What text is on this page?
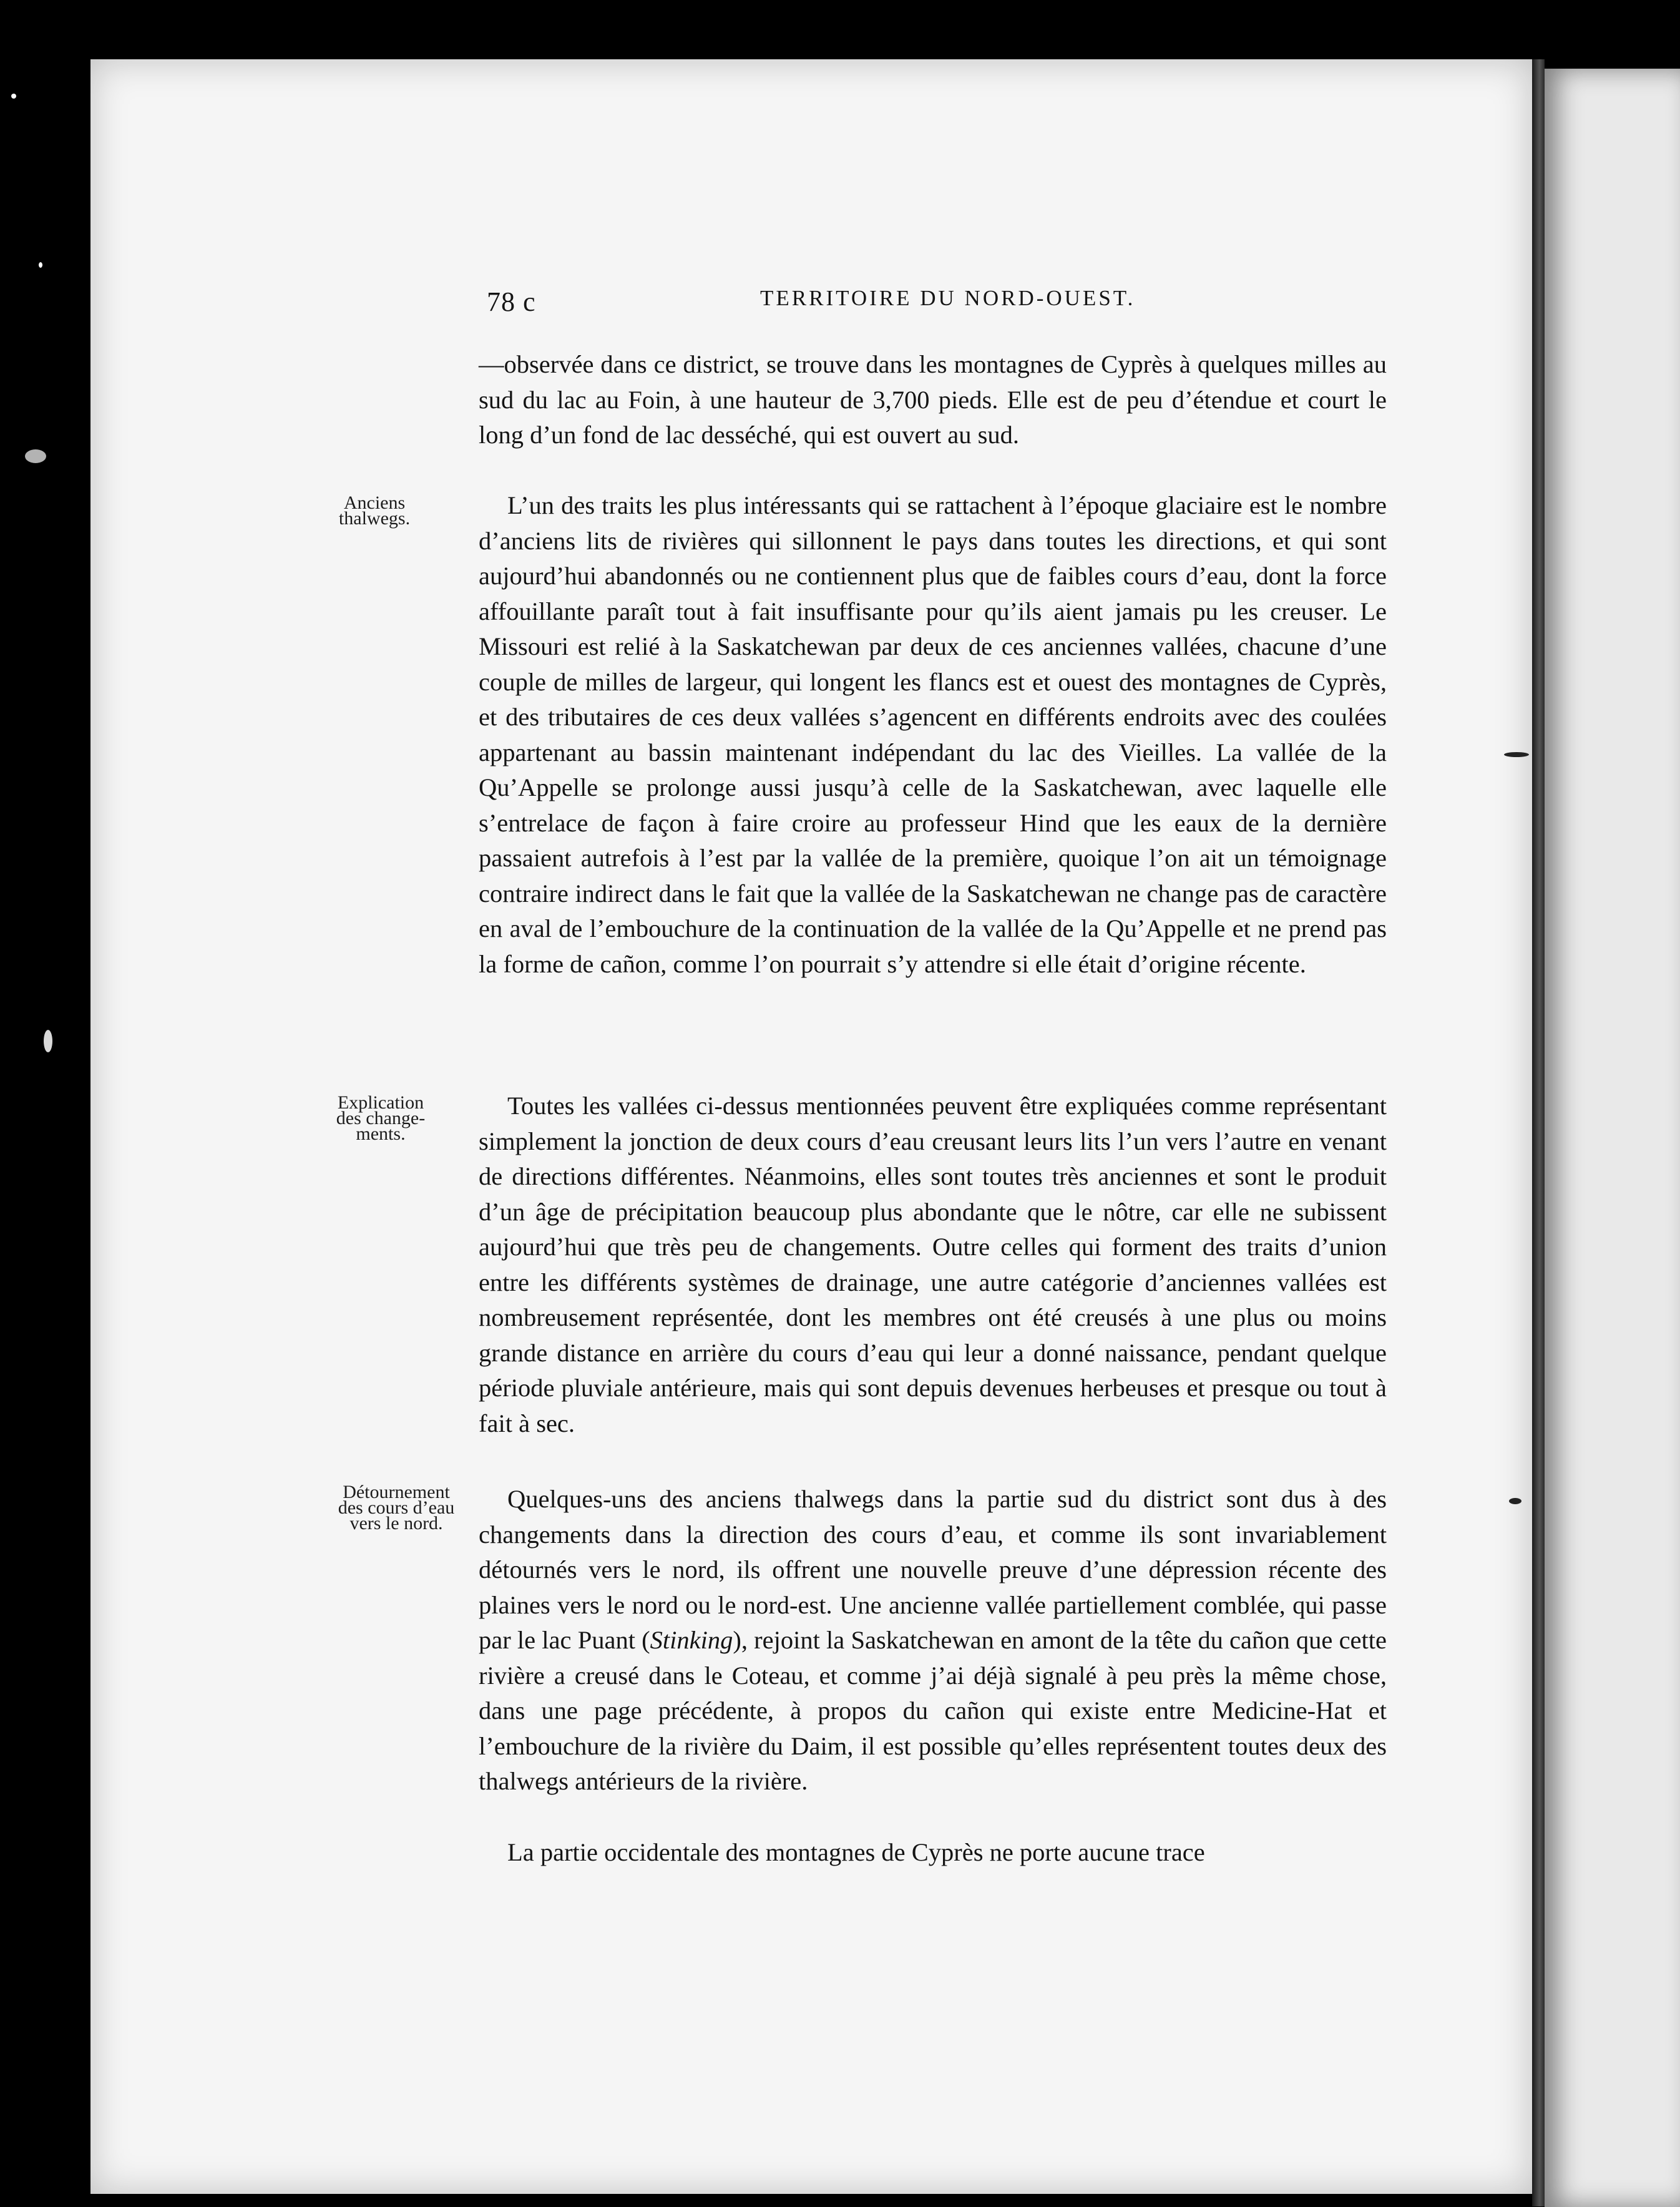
78 c	TERRITOIRE DU NORD-OUEST.

—observée dans ce district, se trouve dans les montagnes de Cyprès à quelques milles au sud du lac au Foin, à une hauteur de 3,700 pieds. Elle est de peu d’étendue et court le long d’un fond de lac desséché, qui est ouvert au sud.

L’un des traits les plus intéressants qui se rattachent à l’époque glaciaire est le nombre d’anciens lits de rivières qui sillonnent le pays dans toutes les directions, et qui sont aujourd’hui abandonnés ou ne contiennent plus que de faibles cours d’eau, dont la force affouillante paraît tout à fait insuffisante pour qu’ils aient jamais pu les creuser. Le Missouri est relié à la Saskatchewan par deux de ces anciennes vallées, chacune d’une couple de milles de largeur, qui longent les flancs est et ouest des montagnes de Cyprès, et des tributaires de ces deux vallées s’agencent en différents endroits avec des coulées appartenant au bassin maintenant indépendant du lac des Vieilles. La vallée de la Qu’Appelle se prolonge aussi jusqu’à celle de la Saskatchewan, avec laquelle elle s’entrelace de façon à faire croire au professeur Hind que les eaux de la dernière passaient autrefois à l’est par la vallée de la première, quoique l’on ait un témoignage contraire indirect dans le fait que la vallée de la Saskatchewan ne change pas de caractère en aval de l’embouchure de la continuation de la vallée de la Qu’Appelle et ne prend pas la forme de cañon, comme l’on pourrait s’y attendre si elle était d’origine récente.

Toutes les vallées ci-dessus mentionnées peuvent être expliquées comme représentant simplement la jonction de deux cours d’eau creusant leurs lits l’un vers l’autre en venant de directions différentes. Néanmoins, elles sont toutes très anciennes et sont le produit d’un âge de précipitation beaucoup plus abondante que le nôtre, car elle ne subissent aujourd’hui que très peu de changements. Outre celles qui forment des traits d’union entre les différents systèmes de drainage, une autre catégorie d’anciennes vallées est nombreusement représentée, dont les membres ont été creusés à une plus ou moins grande distance en arrière du cours d’eau qui leur a donné naissance, pendant quelque période pluviale antérieure, mais qui sont depuis devenues herbeuses et presque ou tout à fait à sec.

Quelques-uns des anciens thalwegs dans la partie sud du district sont dus à des changements dans la direction des cours d’eau, et comme ils sont invariablement détournés vers le nord, ils offrent une nouvelle preuve d’une dépression récente des plaines vers le nord ou le nord-est. Une ancienne vallée partiellement comblée, qui passe par le lac Puant (Stinking), rejoint la Saskatchewan en amont de la tête du cañon que cette rivière a creusé dans le Coteau, et comme j’ai déjà signalé à peu près la même chose, dans une page précédente, à propos du cañon qui existe entre Medicine-Hat et l’embouchure de la rivière du Daim, il est possible qu’elles représentent toutes deux des thalwegs antérieurs de la rivière.

La partie occidentale des montagnes de Cyprès ne porte aucune trace

Anciens
thalwegs.
Explication
des change-
ments.
Détournement
des cours d’eau
vers le nord.
